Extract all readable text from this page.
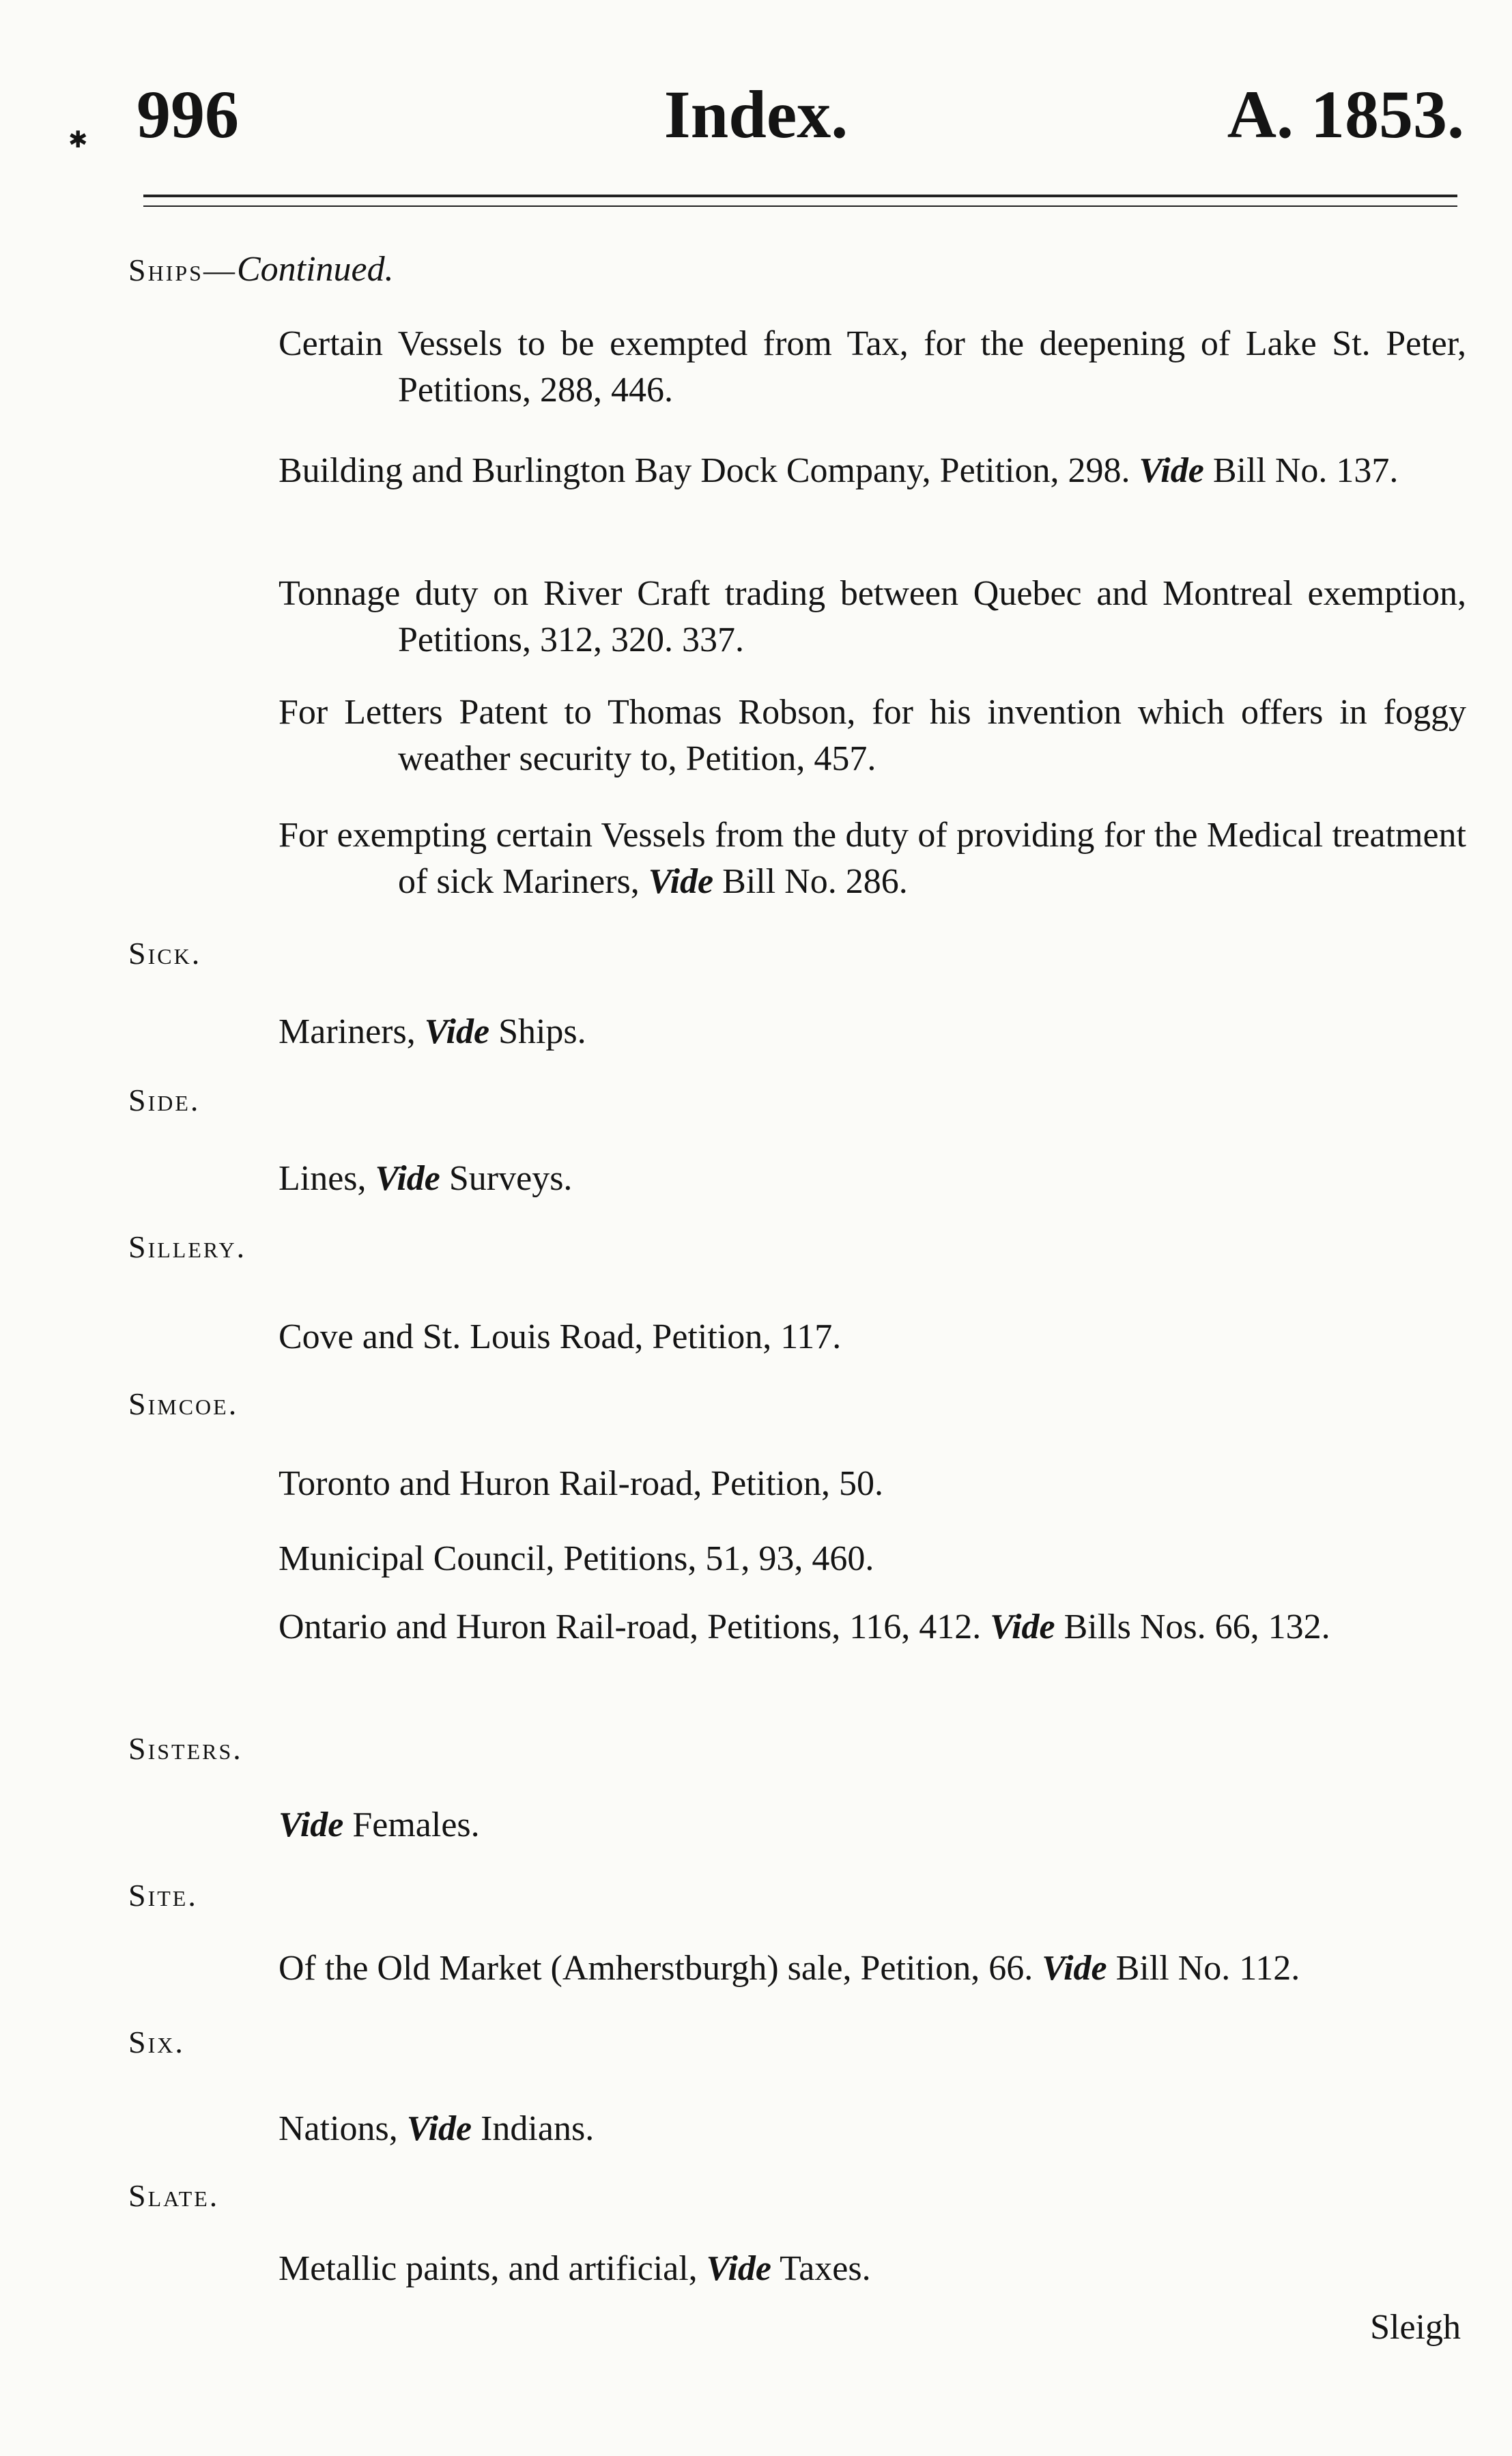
996	Index.	A. 1853.
✱
Ships—Continued.
Certain Vessels to be exempted from Tax, for the deepening of Lake St. Peter, Petitions, 288, 446.
Building and Burlington Bay Dock Company, Petition, 298. Vide Bill No. 137.
Tonnage duty on River Craft trading between Quebec and Montreal exemption, Petitions, 312, 320. 337.
For Letters Patent to Thomas Robson, for his invention which offers in foggy weather security to, Petition, 457.
For exempting certain Vessels from the duty of providing for the Medical treatment of sick Mariners, Vide Bill No. 286.
Sick.
Mariners, Vide Ships.
Side.
Lines, Vide Surveys.
Sillery.
Cove and St. Louis Road, Petition, 117.
Simcoe.
Toronto and Huron Rail-road, Petition, 50.
Municipal Council, Petitions, 51, 93, 460.
Ontario and Huron Rail-road, Petitions, 116, 412. Vide Bills Nos. 66, 132.
Sisters.
Vide Females.
Site.
Of the Old Market (Amherstburgh) sale, Petition, 66. Vide Bill No. 112.
Six.
Nations, Vide Indians.
Slate.
Metallic paints, and artificial, Vide Taxes.
Sleigh
